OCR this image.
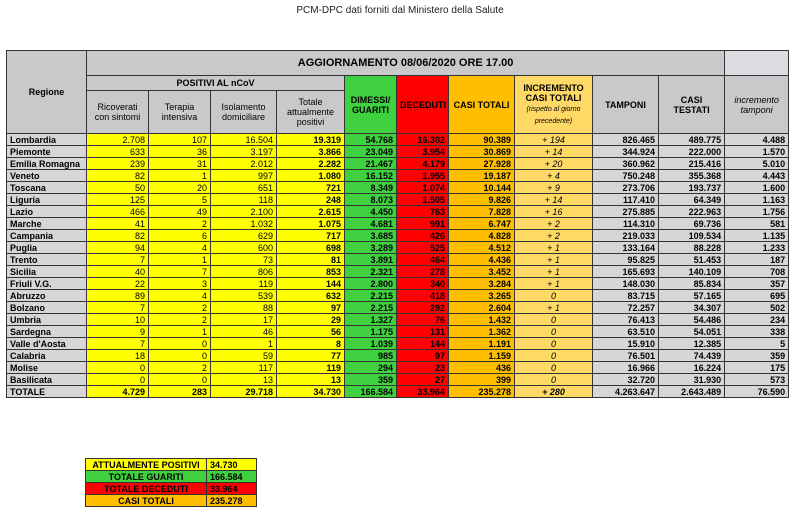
PCM-DPC dati forniti dal Ministero della Salute
Regione	AGGIORNAMENTO 08/06/2020 ORE 17.00										
	POSITIVI AL nCoV				DIMESSI/ GUARITI	DECEDUTI	CASI TOTALI	INCREMENTO CASI TOTALI
(rispetto al giorno precedente)	TAMPONI	CASI TESTATI	incremento tamponi
	Ricoverati con sintomi	Terapia intensiva	Isolamento domiciliare	Totale attualmente positivi							
Lombardia	2.708	107	16.504	19.319	54.768	16.302	90.389	+ 194	826.465	489.775	4.488
Piemonte	633	36	3.197	3.866	23.049	3.954	30.869	+ 14	344.924	222.000	1.570
Emilia Romagna	239	31	2.012	2.282	21.467	4.179	27.928	+ 20	360.962	215.416	5.010
Veneto	82	1	997	1.080	16.152	1.955	19.187	+ 4	750.248	355.368	4.443
Toscana	50	20	651	721	8.349	1.074	10.144	+ 9	273.706	193.737	1.600
Liguria	125	5	118	248	8.073	1.505	9.826	+ 14	117.410	64.349	1.163
Lazio	466	49	2.100	2.615	4.450	763	7.828	+ 16	275.885	222.963	1.756
Marche	41	2	1.032	1.075	4.681	991	6.747	+ 2	114.310	69.736	581
Campania	82	6	629	717	3.685	426	4.828	+ 2	219.033	109.534	1.135
Puglia	94	4	600	698	3.289	525	4.512	+ 1	133.164	88.228	1.233
Trento	7	1	73	81	3.891	464	4.436	+ 1	95.825	51.453	187
Sicilia	40	7	806	853	2.321	278	3.452	+ 1	165.693	140.109	708
Friuli V.G.	22	3	119	144	2.800	340	3.284	+ 1	148.030	85.834	357
Abruzzo	89	4	539	632	2.215	418	3.265	0	83.715	57.165	695
Bolzano	7	2	88	97	2.215	292	2.604	+ 1	72.257	34.307	502
Umbria	10	2	17	29	1.327	76	1.432	0	76.413	54.486	234
Sardegna	9	1	46	56	1.175	131	1.362	0	63.510	54.051	338
Valle d'Aosta	7	0	1	8	1.039	144	1.191	0	15.910	12.385	5
Calabria	18	0	59	77	985	97	1.159	0	76.501	74.439	359
Molise	0	2	117	119	294	23	436	0	16.966	16.224	175
Basilicata	0	0	13	13	359	27	399	0	32.720	31.930	573
TOTALE	4.729	283	29.718	34.730	166.584	33.964	235.278	+ 280	4.263.647	2.643.489	76.590
ATTUALMENTE POSITIVI	34.730
TOTALE GUARITI	166.584
TOTALE DECEDUTI	33.964
CASI TOTALI	235.278
